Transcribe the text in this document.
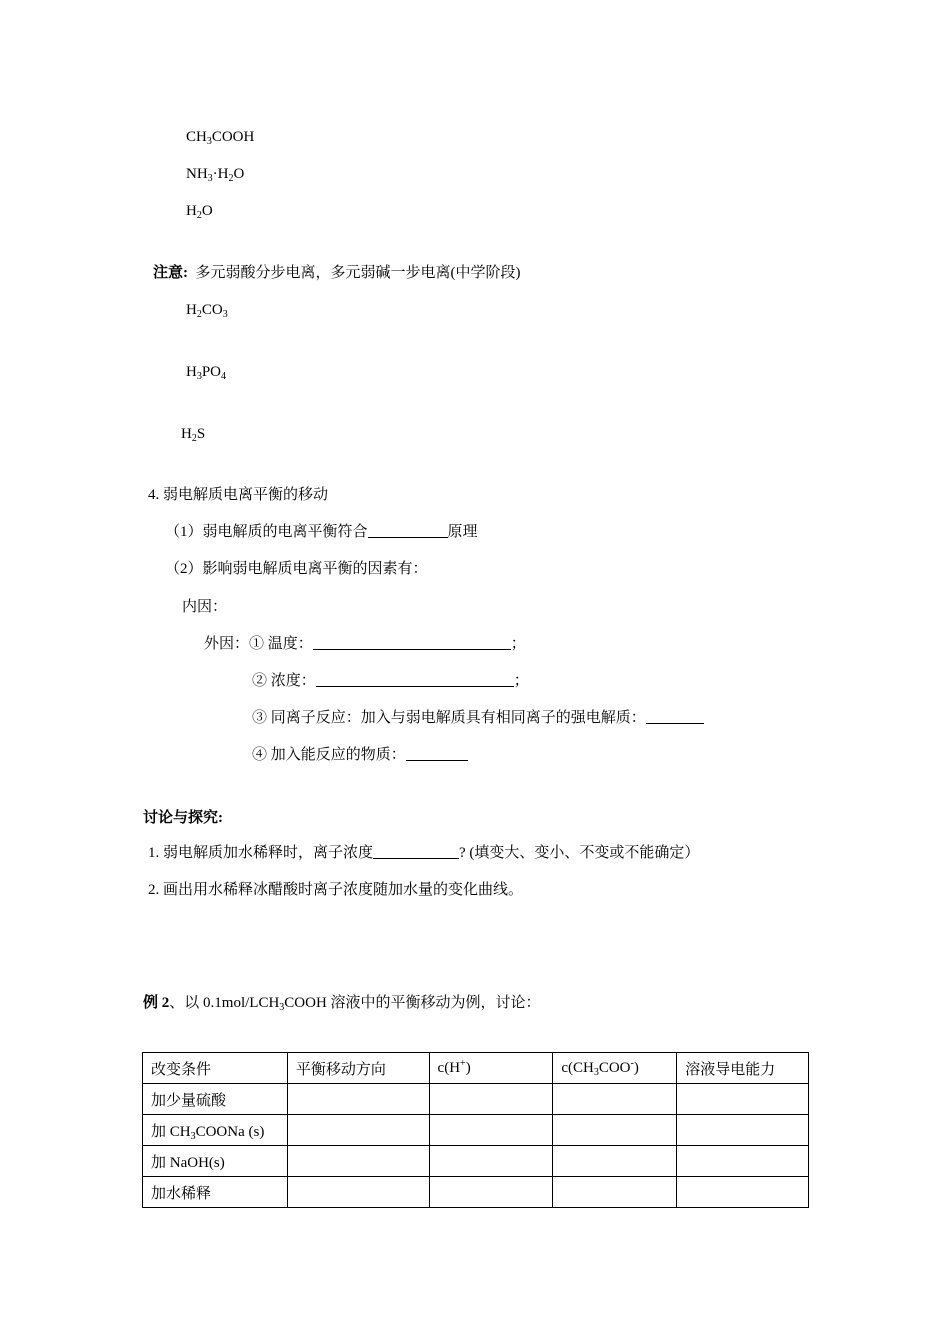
$CH_3COOH$
$NH_3\cdot H_2O$
$H_2O$
注意: 多元弱酸分步电离，多元弱碱一步电离(中学阶段)
$H_2CO_3$
$H_3PO_4$
$H_2S$
4. 弱电解质电离平衡的移动
（1）弱电解质的电离平衡符合	原理
（2）影响弱电解质电离平衡的因素有：
内因：
外因：① 温度：	；
② 浓度：	；
③ 同离子反应：加入与弱电解质具有相同离子的强电解质：
④ 加入能反应的物质：
讨论与探究:
1. 弱电解质加水稀释时，离子浓度	? (填变大、变小、不变或不能确定）
2. 画出用水稀释冰醋酸时离子浓度随加水量的变化曲线。
例 2、以 $0.1mol/LCH_3COOH$ 溶液中的平衡移动为例，讨论：
改变条件	平衡移动方向	c(H+)	$c(CH_3COO^-)$	溶液导电能力
加少量硫酸				
加 $CH_3COONa$ (s)				
加 NaOH(s)				
加水稀释				
